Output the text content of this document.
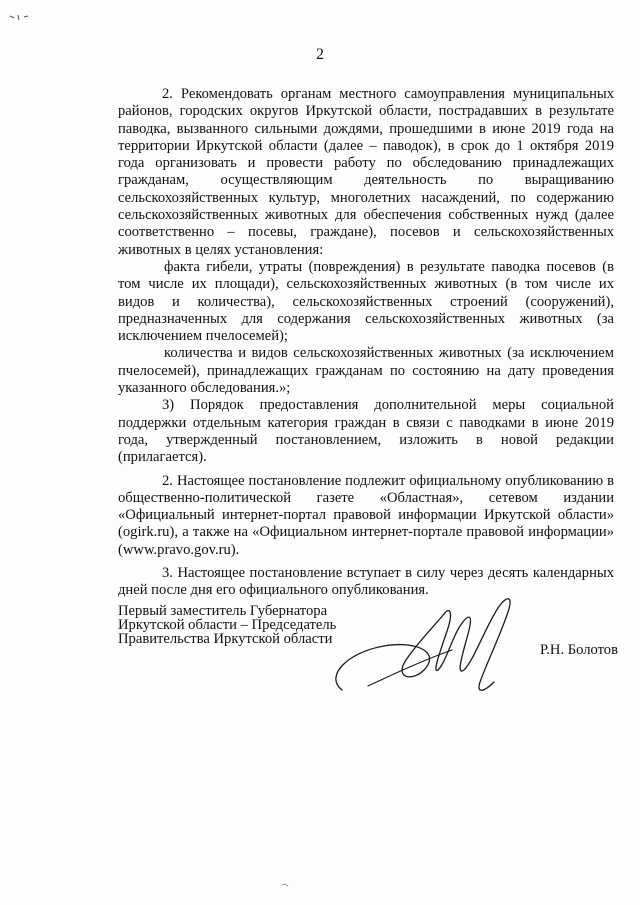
2

2. Рекомендовать органам местного самоуправления муниципальных районов, городских округов Иркутской области, пострадавших в результате паводка, вызванного сильными дождями, прошедшими в июне 2019 года на территории Иркутской области (далее – паводок), в срок до 1 октября 2019 года организовать и провести работу по обследованию принадлежащих гражданам, осуществляющим деятельность по выращиванию сельскохозяйственных культур, многолетних насаждений, по содержанию сельскохозяйственных животных для обеспечения собственных нужд (далее соответственно – посевы, граждане), посевов и сельскохозяйственных животных в целях установления:

факта гибели, утраты (повреждения) в результате паводка посевов (в том числе их площади), сельскохозяйственных животных (в том числе их видов и количества), сельскохозяйственных строений (сооружений), предназначенных для содержания сельскохозяйственных животных (за исключением пчелосемей);

количества и видов сельскохозяйственных животных (за исключением пчелосемей), принадлежащих гражданам по состоянию на дату проведения указанного обследования.»;

3) Порядок предоставления дополнительной меры социальной поддержки отдельным категория граждан в связи с паводками в июне 2019 года, утвержденный постановлением, изложить в новой редакции (прилагается).

2. Настоящее постановление подлежит официальному опубликованию в общественно-политической газете «Областная», сетевом издании «Официальный интернет-портал правовой информации Иркутской области» (ogirk.ru), а также на «Официальном интернет-портале правовой информации» (www.pravo.gov.ru).

3. Настоящее постановление вступает в силу через десять календарных дней после дня его официального опубликования.

Первый заместитель Губернатора
Иркутской области – Председатель
Правительства Иркутской области
Р.Н. Болотов
